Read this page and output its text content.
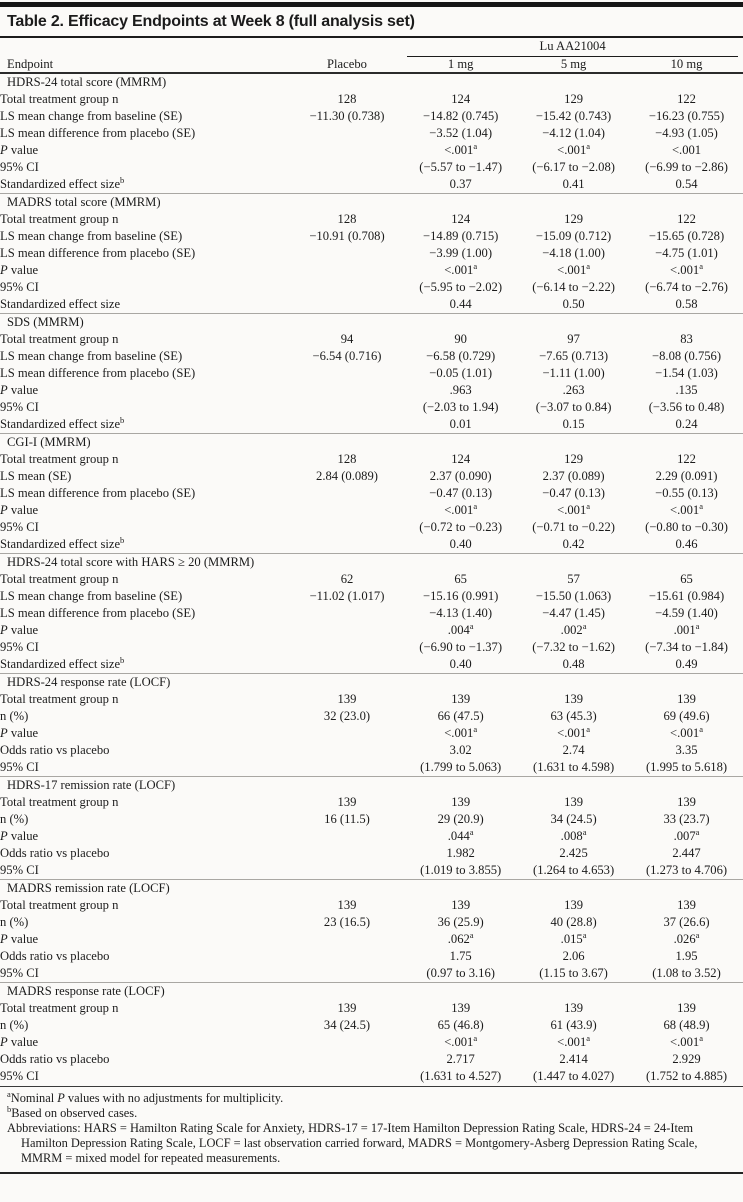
Table 2. Efficacy Endpoints at Week 8 (full analysis set)

		Lu AA21004		

Endpoint	Placebo	1 mg	5 mg	10 mg
HDRS-24 total score (MMRM)				
Total treatment group n	128	124	129	122
LS mean change from baseline (SE)	−11.30 (0.738)	−14.82 (0.745)	−15.42 (0.743)	−16.23 (0.755)
LS mean difference from placebo (SE)		−3.52 (1.04)	−4.12 (1.04)	−4.93 (1.05)
P value		<.001$^a$	<.001$^a$	<.001
95% CI		(−5.57 to −1.47)	(−6.17 to −2.08)	(−6.99 to −2.86)
Standardized effect size$^b$		0.37	0.41	0.54
MADRS total score (MMRM)				
Total treatment group n	128	124	129	122
LS mean change from baseline (SE)	−10.91 (0.708)	−14.89 (0.715)	−15.09 (0.712)	−15.65 (0.728)
LS mean difference from placebo (SE)		−3.99 (1.00)	−4.18 (1.00)	−4.75 (1.01)
P value		<.001$^a$	<.001$^a$	<.001$^a$
95% CI		(−5.95 to −2.02)	(−6.14 to −2.22)	(−6.74 to −2.76)
Standardized effect size		0.44	0.50	0.58
SDS (MMRM)				
Total treatment group n	94	90	97	83
LS mean change from baseline (SE)	−6.54 (0.716)	−6.58 (0.729)	−7.65 (0.713)	−8.08 (0.756)
LS mean difference from placebo (SE)		−0.05 (1.01)	−1.11 (1.00)	−1.54 (1.03)
P value		.963	.263	.135
95% CI		(−2.03 to 1.94)	(−3.07 to 0.84)	(−3.56 to 0.48)
Standardized effect size$^b$		0.01	0.15	0.24
CGI-I (MMRM)				
Total treatment group n	128	124	129	122
LS mean (SE)	2.84 (0.089)	2.37 (0.090)	2.37 (0.089)	2.29 (0.091)
LS mean difference from placebo (SE)		−0.47 (0.13)	−0.47 (0.13)	−0.55 (0.13)
P value		<.001$^a$	<.001$^a$	<.001$^a$
95% CI		(−0.72 to −0.23)	(−0.71 to −0.22)	(−0.80 to −0.30)
Standardized effect size$^b$		0.40	0.42	0.46
HDRS-24 total score with HARS ≥ 20 (MMRM)				
Total treatment group n	62	65	57	65
LS mean change from baseline (SE)	−11.02 (1.017)	−15.16 (0.991)	−15.50 (1.063)	−15.61 (0.984)
LS mean difference from placebo (SE)		−4.13 (1.40)	−4.47 (1.45)	−4.59 (1.40)
P value		.004$^a$	.002$^a$	.001$^a$
95% CI		(−6.90 to −1.37)	(−7.32 to −1.62)	(−7.34 to −1.84)
Standardized effect size$^b$		0.40	0.48	0.49
HDRS-24 response rate (LOCF)				
Total treatment group n	139	139	139	139
n (%)	32 (23.0)	66 (47.5)	63 (45.3)	69 (49.6)
P value		<.001$^a$	<.001$^a$	<.001$^a$
Odds ratio vs placebo		3.02	2.74	3.35
95% CI		(1.799 to 5.063)	(1.631 to 4.598)	(1.995 to 5.618)
HDRS-17 remission rate (LOCF)				
Total treatment group n	139	139	139	139
n (%)	16 (11.5)	29 (20.9)	34 (24.5)	33 (23.7)
P value		.044$^a$	.008$^a$	.007$^a$
Odds ratio vs placebo		1.982	2.425	2.447
95% CI		(1.019 to 3.855)	(1.264 to 4.653)	(1.273 to 4.706)
MADRS remission rate (LOCF)				
Total treatment group n	139	139	139	139
n (%)	23 (16.5)	36 (25.9)	40 (28.8)	37 (26.6)
P value		.062$^a$	.015$^a$	.026$^a$
Odds ratio vs placebo		1.75	2.06	1.95
95% CI		(0.97 to 3.16)	(1.15 to 3.67)	(1.08 to 3.52)
MADRS response rate (LOCF)				
Total treatment group n	139	139	139	139
n (%)	34 (24.5)	65 (46.8)	61 (43.9)	68 (48.9)
P value		<.001$^a$	<.001$^a$	<.001$^a$
Odds ratio vs placebo		2.717	2.414	2.929
95% CI		(1.631 to 4.527)	(1.447 to 4.027)	(1.752 to 4.885)
$^a$Nominal P values with no adjustments for multiplicity.
$^b$Based on observed cases.
Abbreviations: HARS = Hamilton Rating Scale for Anxiety, HDRS-17 = 17-Item Hamilton Depression Rating Scale, HDRS-24 = 24-Item Hamilton Depression Rating Scale, LOCF = last observation carried forward, MADRS = Montgomery-Asberg Depression Rating Scale, MMRM = mixed model for repeated measurements.
